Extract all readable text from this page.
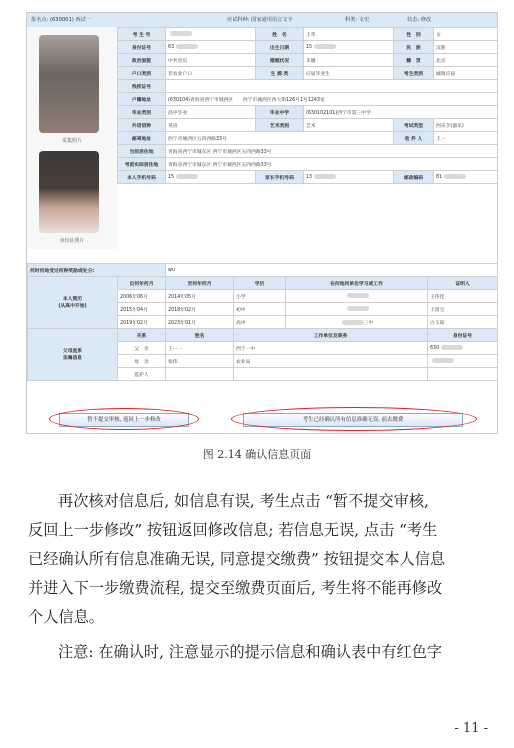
报名点: (630001) 西试一	应试科种: 国家通用语言文字	科类: 文史	状态: 修改
采集照片
身份证照片
考 生 号		姓　名	王华	性　别	女
身份证号	63	出生日期	15	民　族	汉族
政治面貌	中共党员	婚姻状况	未婚	籍　贯	北京
户口类别	非农业户口	生 源 类	应届毕业生	考生类别	城镇应届
残疾证号					
户籍地址	(630104)青海省西宁市城西区　　西宁市城西区西大街126号1号1243室				
毕业类别	高中毕业	毕业中学	(630102101)西宁市第三中学		
外语语种	英语	艺术类别	艺术	考试类型	西乐手(器乐)
邮寄地址	西宁市城西区五四西路33号			收 件 人	王一
当前居住地	青海省西宁市城东区 西宁市城西区五四西路33号				
考前实际居住地	青海省西宁市城东区 西宁市城西区五四西路33号				
本人手机号码	15	家长手机号码	13	邮政编码	81
何时何地受过何种奖励或处分:		wu			
本人简历
(从高中开始)	自何年何月	至何年何月	学历	在何地何单位学习或工作	证明人
	2006年06月	2014年05月	小学		王伟佳
	2015年04月	2018年02月	初中		王留宝
	2019年02月	2023年01月	高中	三中	白玉琼
父母直系
亲属信息	关系	姓名	工作单位及职务		身份证号
	父　亲	王一一	西宁一中		630
	母　亲	张伟	农业局		
	监护人				
暂不提交审核, 返回上一步修改	考生已经确认所有信息准确无误, 前去缴费
图 2.14 确认信息页面
再次核对信息后, 如信息有误, 考生点击 “暂不提交审核,
反回上一步修改” 按钮返回修改信息; 若信息无误, 点击 “考生
已经确认所有信息准确无误, 同意提交缴费” 按钮提交本人信息
并进入下一步缴费流程, 提交至缴费页面后, 考生将不能再修改
个人信息。
注意: 在确认时, 注意显示的提示信息和确认表中有红色字
- 11 -
